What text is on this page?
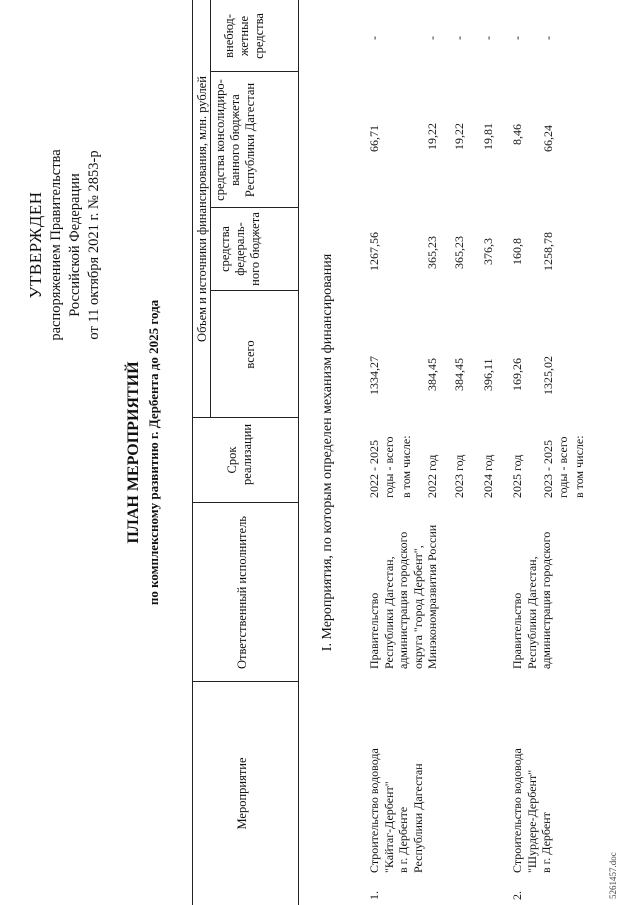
УТВЕРЖДЕН распоряжением Правительства Российской Федерации от 11 октября 2021 г. № 2853-р
ПЛАН МЕРОПРИЯТИЙ по комплексному развитию г. Дербента до 2025 года
Мероприятие
Ответственный исполнитель
Срок реализации
Объем и источники финансирования, млн. рублей
всего
средства федераль-ного бюджета
средства консолидиро-ванного бюджета Республики Дагестан
внебюд-жетные средства
I. Мероприятия, по которым определен механизм финансирования
1.
Строительство водовода "Кайтаг-Дербент" в г. Дербенте Республики Дагестан
Правительство Республики Дагестан, администрация городского округа "город Дербент", Минэкономразвития России
2022 - 2025 годы - всего
1334,27
1267,56
66,71
-
в том числе: 2022 год
384,45
365,23
19,22
-
2023 год
384,45
365,23
19,22
-
2024 год
396,11
376,3
19,81
-
2025 год
169,26
160,8
8,46
-
2.
Строительство водовода "Шурдере-Дербент" в г. Дербент
Правительство Республики Дагестан, администрация городского
2023 - 2025 годы - всего
1325,02
1258,78
66,24
-
в том числе:
5261457.doc
